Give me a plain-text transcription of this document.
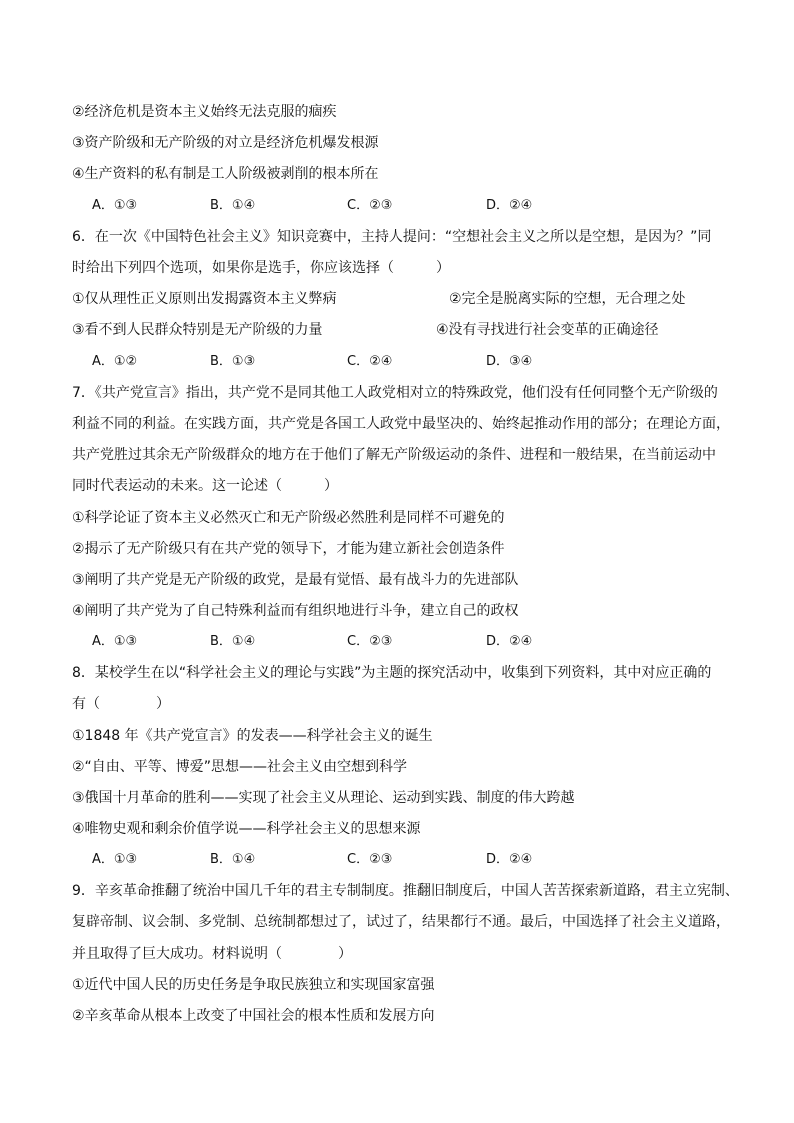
②经济危机是资本主义始终无法克服的痼疾
③资产阶级和无产阶级的对立是经济危机爆发根源
④生产资料的私有制是工人阶级被剥削的根本所在
A．①③	B．①④	C．②③	D．②④
6．在一次《中国特色社会主义》知识竞赛中，主持人提问：“空想社会主义之所以是空想，是因为？”同
时给出下列四个选项，如果你是选手，你应该选择（　　　）
①仅从理性正义原则出发揭露资本主义弊病	②完全是脱离实际的空想，无合理之处
③看不到人民群众特别是无产阶级的力量	④没有寻找进行社会变革的正确途径
A．①②	B．①③	C．②④	D．③④
7．《共产党宣言》指出，共产党不是同其他工人政党相对立的特殊政党，他们没有任何同整个无产阶级的
利益不同的利益。在实践方面，共产党是各国工人政党中最坚决的、始终起推动作用的部分；在理论方面，
共产党胜过其余无产阶级群众的地方在于他们了解无产阶级运动的条件、进程和一般结果，在当前运动中
同时代表运动的未来。这一论述（　　　）
①科学论证了资本主义必然灭亡和无产阶级必然胜利是同样不可避免的
②揭示了无产阶级只有在共产党的领导下，才能为建立新社会创造条件
③阐明了共产党是无产阶级的政党，是最有觉悟、最有战斗力的先进部队
④阐明了共产党为了自己特殊利益而有组织地进行斗争，建立自己的政权
A．①③	B．①④	C．②③	D．②④
8．某校学生在以“科学社会主义的理论与实践”为主题的探究活动中，收集到下列资料，其中对应正确的
有（　　　　）
①1848 年《共产党宣言》的发表——科学社会主义的诞生
②“自由、平等、博爱”思想——社会主义由空想到科学
③俄国十月革命的胜利——实现了社会主义从理论、运动到实践、制度的伟大跨越
④唯物史观和剩余价值学说——科学社会主义的思想来源
A．①③	B．①④	C．②③	D．②④
9．辛亥革命推翻了统治中国几千年的君主专制制度。推翻旧制度后，中国人苦苦探索新道路，君主立宪制、
复辟帝制、议会制、多党制、总统制都想过了，试过了，结果都行不通。最后，中国选择了社会主义道路，
并且取得了巨大成功。材料说明（　　　　）
①近代中国人民的历史任务是争取民族独立和实现国家富强
②辛亥革命从根本上改变了中国社会的根本性质和发展方向
